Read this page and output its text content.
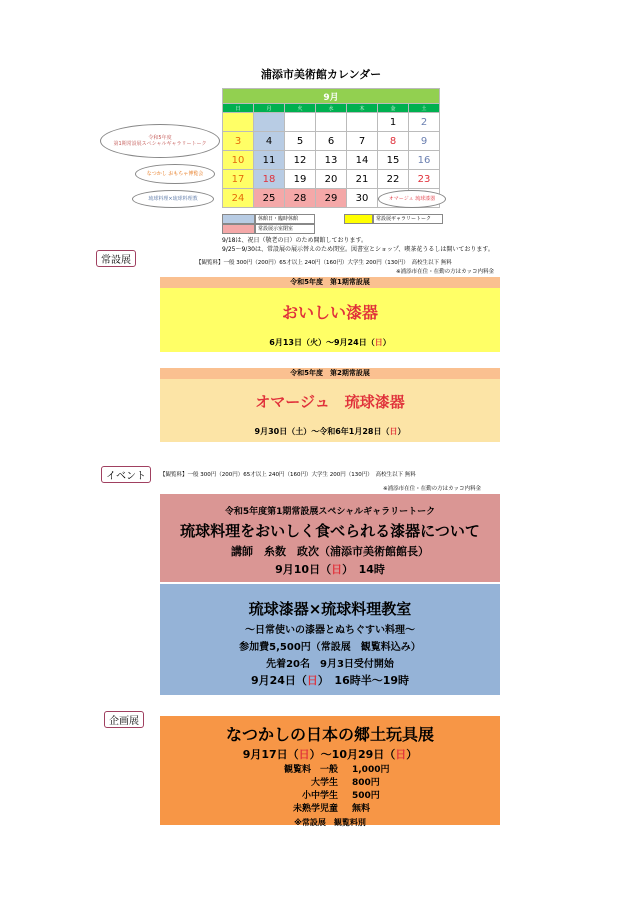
浦添市美術館カレンダー
9月						
日	月	火	水	木	金	土
					1	2
3	4	5	6	7	8	9
10	11	12	13	14	15	16
17	18	19	20	21	22	23
24	25	28	29	30		
令和5年度
第1期常設展スペシャルギャラリートーク
なつかし おもちゃ博覧会
琉球料理×琉球料理教	オマージュ 琉球漆器
休館日・臨時休館
常設展示室閉室
常設展ギャラリートーク
9/18は、祝日（敬老の日）のため開館しております。
9/25～9/30は、常設展の展示替えのため閉室。図書室とショップ、喫茶花うるしは開いております。
常設展	【観覧料】一般 300円（200円）65才以上 240円（160円）大学生 200円（130円）　高校生以下 無料
※浦添市在住・在勤の方はカッコ内料金
令和5年度　第1期常設展
おいしい漆器
6月13日（火）～9月24日（日）
令和5年度　第2期常設展
オマージュ　琉球漆器
9月30日（土）～令和6年1月28日（日）
イベント	【観覧料】一般 300円（200円）65才以上 240円（160円）大学生 200円（130円）　高校生以下 無料
※浦添市在住・在勤の方はカッコ内料金
令和5年度第1期常設展スペシャルギャラリートーク
琉球料理をおいしく食べられる漆器について
講師　糸数　政次（浦添市美術館館長）
9月10日（日）　14時
琉球漆器×琉球料理教室
～日常使いの漆器とぬちぐすい料理～
参加費5,500円（常設展　観覧料込み）
先着20名　9月3日受付開始
9月24日（日）　16時半～19時
企画展
なつかしの日本の郷土玩具展
9月17日（日）～10月29日（日）
観覧料　一般 1,000円
大学生 800円
小中学生 500円
未熟学児童 無料
※常設展　観覧料別
